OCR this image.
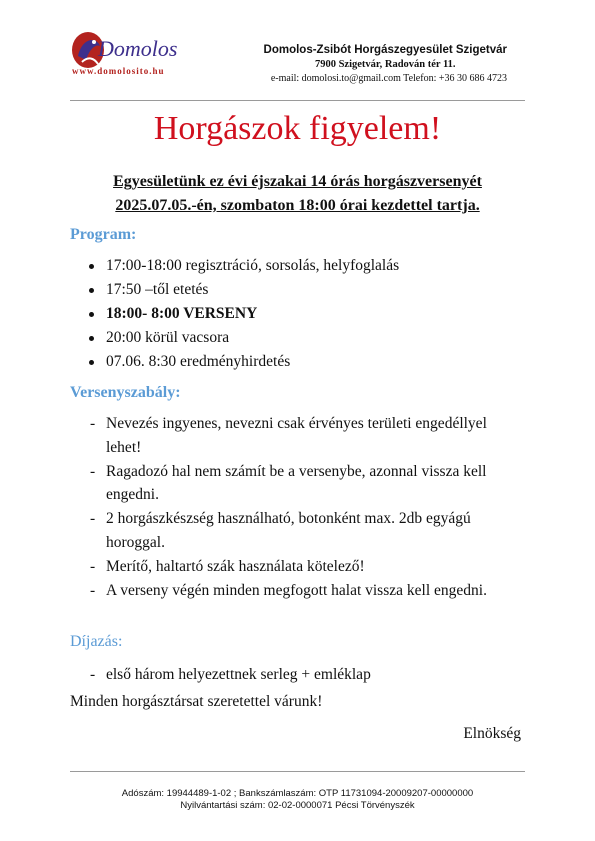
Domolos
www.domolosito.hu
Domolos-Zsibót Horgászegyesület Szigetvár
7900 Szigetvár, Radován tér 11.
e-mail: domolosi.to@gmail.com Telefon: +36 30 686 4723
Horgászok figyelem!
Egyesületünk ez évi éjszakai 14 órás horgászversenyét
2025.07.05.-én, szombaton 18:00 órai kezdettel tartja.
Program:
17:00-18:00 regisztráció, sorsolás, helyfoglalás
17:50 –től etetés
18:00- 8:00 VERSENY
20:00 körül vacsora
07.06. 8:30 eredményhirdetés
Versenyszabály:
- Nevezés ingyenes, nevezni csak érvényes területi engedéllyel lehet!
- Ragadozó hal nem számít be a versenybe, azonnal vissza kell engedni.
- 2 horgászkészség használható, botonként max. 2db egyágú horoggal.
- Merítő, haltartó szák használata kötelező!
- A verseny végén minden megfogott halat vissza kell engedni.
Díjazás:
- első három helyezettnek serleg + emléklap
Minden horgásztársat szeretettel várunk!
Elnökség
Adószám: 19944489-1-02 ; Bankszámlaszám: OTP 11731094-20009207-00000000
Nyilvántartási szám: 02-02-0000071 Pécsi Törvényszék
